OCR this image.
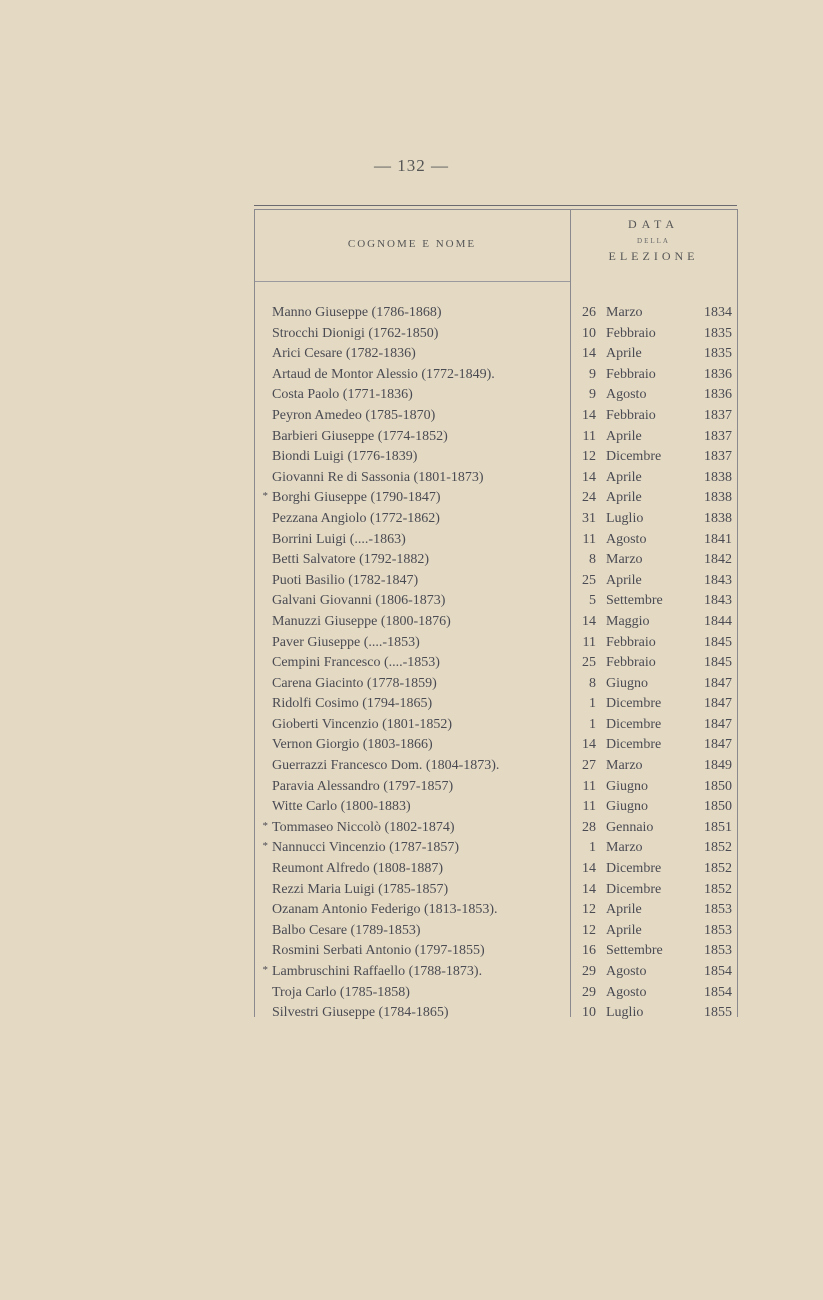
— 132 —
COGNOME E NOME
DATA
DELLA
ELEZIONE
Manno Giuseppe (1786-1868)	26 Marzo	1834
Strocchi Dionigi (1762-1850)	10 Febbraio	1835
Arici Cesare (1782-1836)	14 Aprile	1835
Artaud de Montor Alessio (1772-1849).	9 Febbraio	1836
Costa Paolo (1771-1836)	9 Agosto	1836
Peyron Amedeo (1785-1870)	14 Febbraio	1837
Barbieri Giuseppe (1774-1852)	11 Aprile	1837
Biondi Luigi (1776-1839)	12 Dicembre	1837
Giovanni Re di Sassonia (1801-1873)	14 Aprile	1838
* Borghi Giuseppe (1790-1847)	24 Aprile	1838
Pezzana Angiolo (1772-1862)	31 Luglio	1838
Borrini Luigi (....-1863)	11 Agosto	1841
Betti Salvatore (1792-1882)	8 Marzo	1842
Puoti Basilio (1782-1847)	25 Aprile	1843
Galvani Giovanni (1806-1873)	5 Settembre	1843
Manuzzi Giuseppe (1800-1876)	14 Maggio	1844
Paver Giuseppe (....-1853)	11 Febbraio	1845
Cempini Francesco (....-1853)	25 Febbraio	1845
Carena Giacinto (1778-1859)	8 Giugno	1847
Ridolfi Cosimo (1794-1865)	1 Dicembre	1847
Gioberti Vincenzio (1801-1852)	1 Dicembre	1847
Vernon Giorgio (1803-1866)	14 Dicembre	1847
Guerrazzi Francesco Dom. (1804-1873).	27 Marzo	1849
Paravia Alessandro (1797-1857)	11 Giugno	1850
Witte Carlo (1800-1883)	11 Giugno	1850
* Tommaseo Niccolò (1802-1874)	28 Gennaio	1851
* Nannucci Vincenzio (1787-1857)	1 Marzo	1852
Reumont Alfredo (1808-1887)	14 Dicembre	1852
Rezzi Maria Luigi (1785-1857)	14 Dicembre	1852
Ozanam Antonio Federigo (1813-1853).	12 Aprile	1853
Balbo Cesare (1789-1853)	12 Aprile	1853
Rosmini Serbati Antonio (1797-1855)	16 Settembre	1853
* Lambruschini Raffaello (1788-1873).	29 Agosto	1854
Troja Carlo (1785-1858)	29 Agosto	1854
Silvestri Giuseppe (1784-1865)	10 Luglio	1855
